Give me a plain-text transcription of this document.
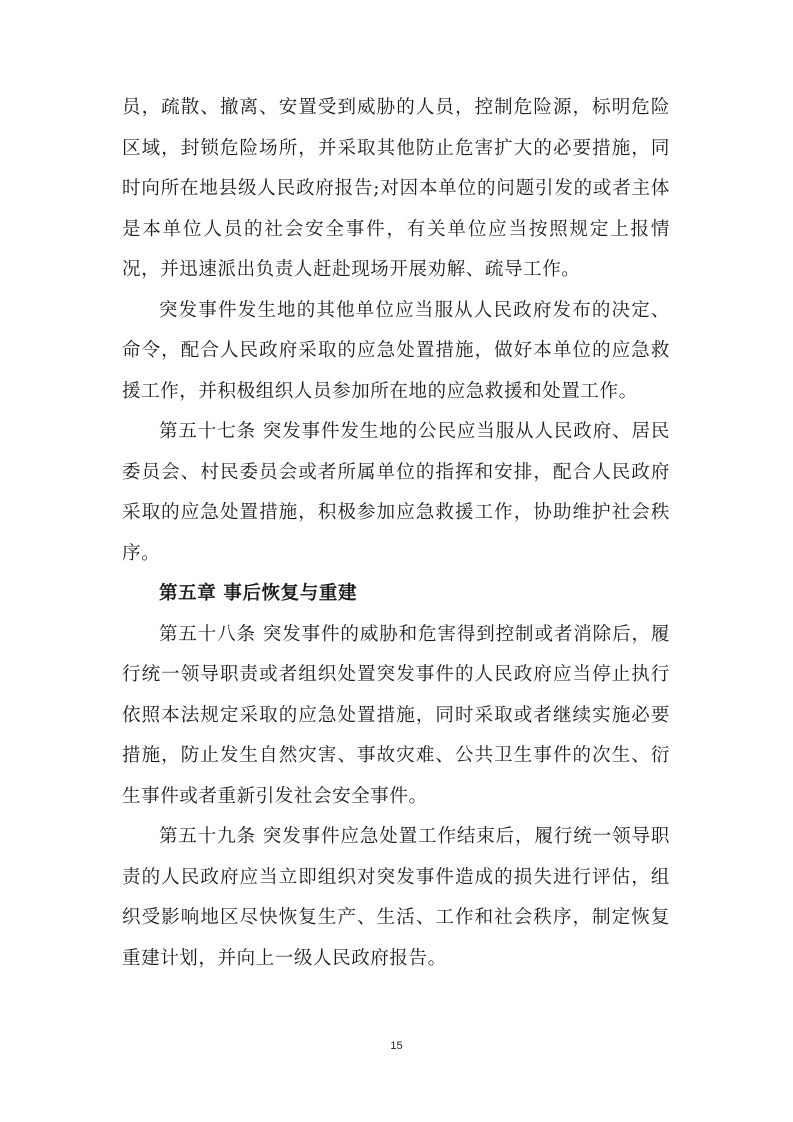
员，疏散、撤离、安置受到威胁的人员，控制危险源，标明危险区域，封锁危险场所，并采取其他防止危害扩大的必要措施，同时向所在地县级人民政府报告;对因本单位的问题引发的或者主体是本单位人员的社会安全事件，有关单位应当按照规定上报情况，并迅速派出负责人赶赴现场开展劝解、疏导工作。

突发事件发生地的其他单位应当服从人民政府发布的决定、命令，配合人民政府采取的应急处置措施，做好本单位的应急救援工作，并积极组织人员参加所在地的应急救援和处置工作。

第五十七条 突发事件发生地的公民应当服从人民政府、居民委员会、村民委员会或者所属单位的指挥和安排，配合人民政府采取的应急处置措施，积极参加应急救援工作，协助维护社会秩序。

第五章 事后恢复与重建

第五十八条 突发事件的威胁和危害得到控制或者消除后，履行统一领导职责或者组织处置突发事件的人民政府应当停止执行依照本法规定采取的应急处置措施，同时采取或者继续实施必要措施，防止发生自然灾害、事故灾难、公共卫生事件的次生、衍生事件或者重新引发社会安全事件。

第五十九条 突发事件应急处置工作结束后，履行统一领导职责的人民政府应当立即组织对突发事件造成的损失进行评估，组织受影响地区尽快恢复生产、生活、工作和社会秩序，制定恢复重建计划，并向上一级人民政府报告。

15
